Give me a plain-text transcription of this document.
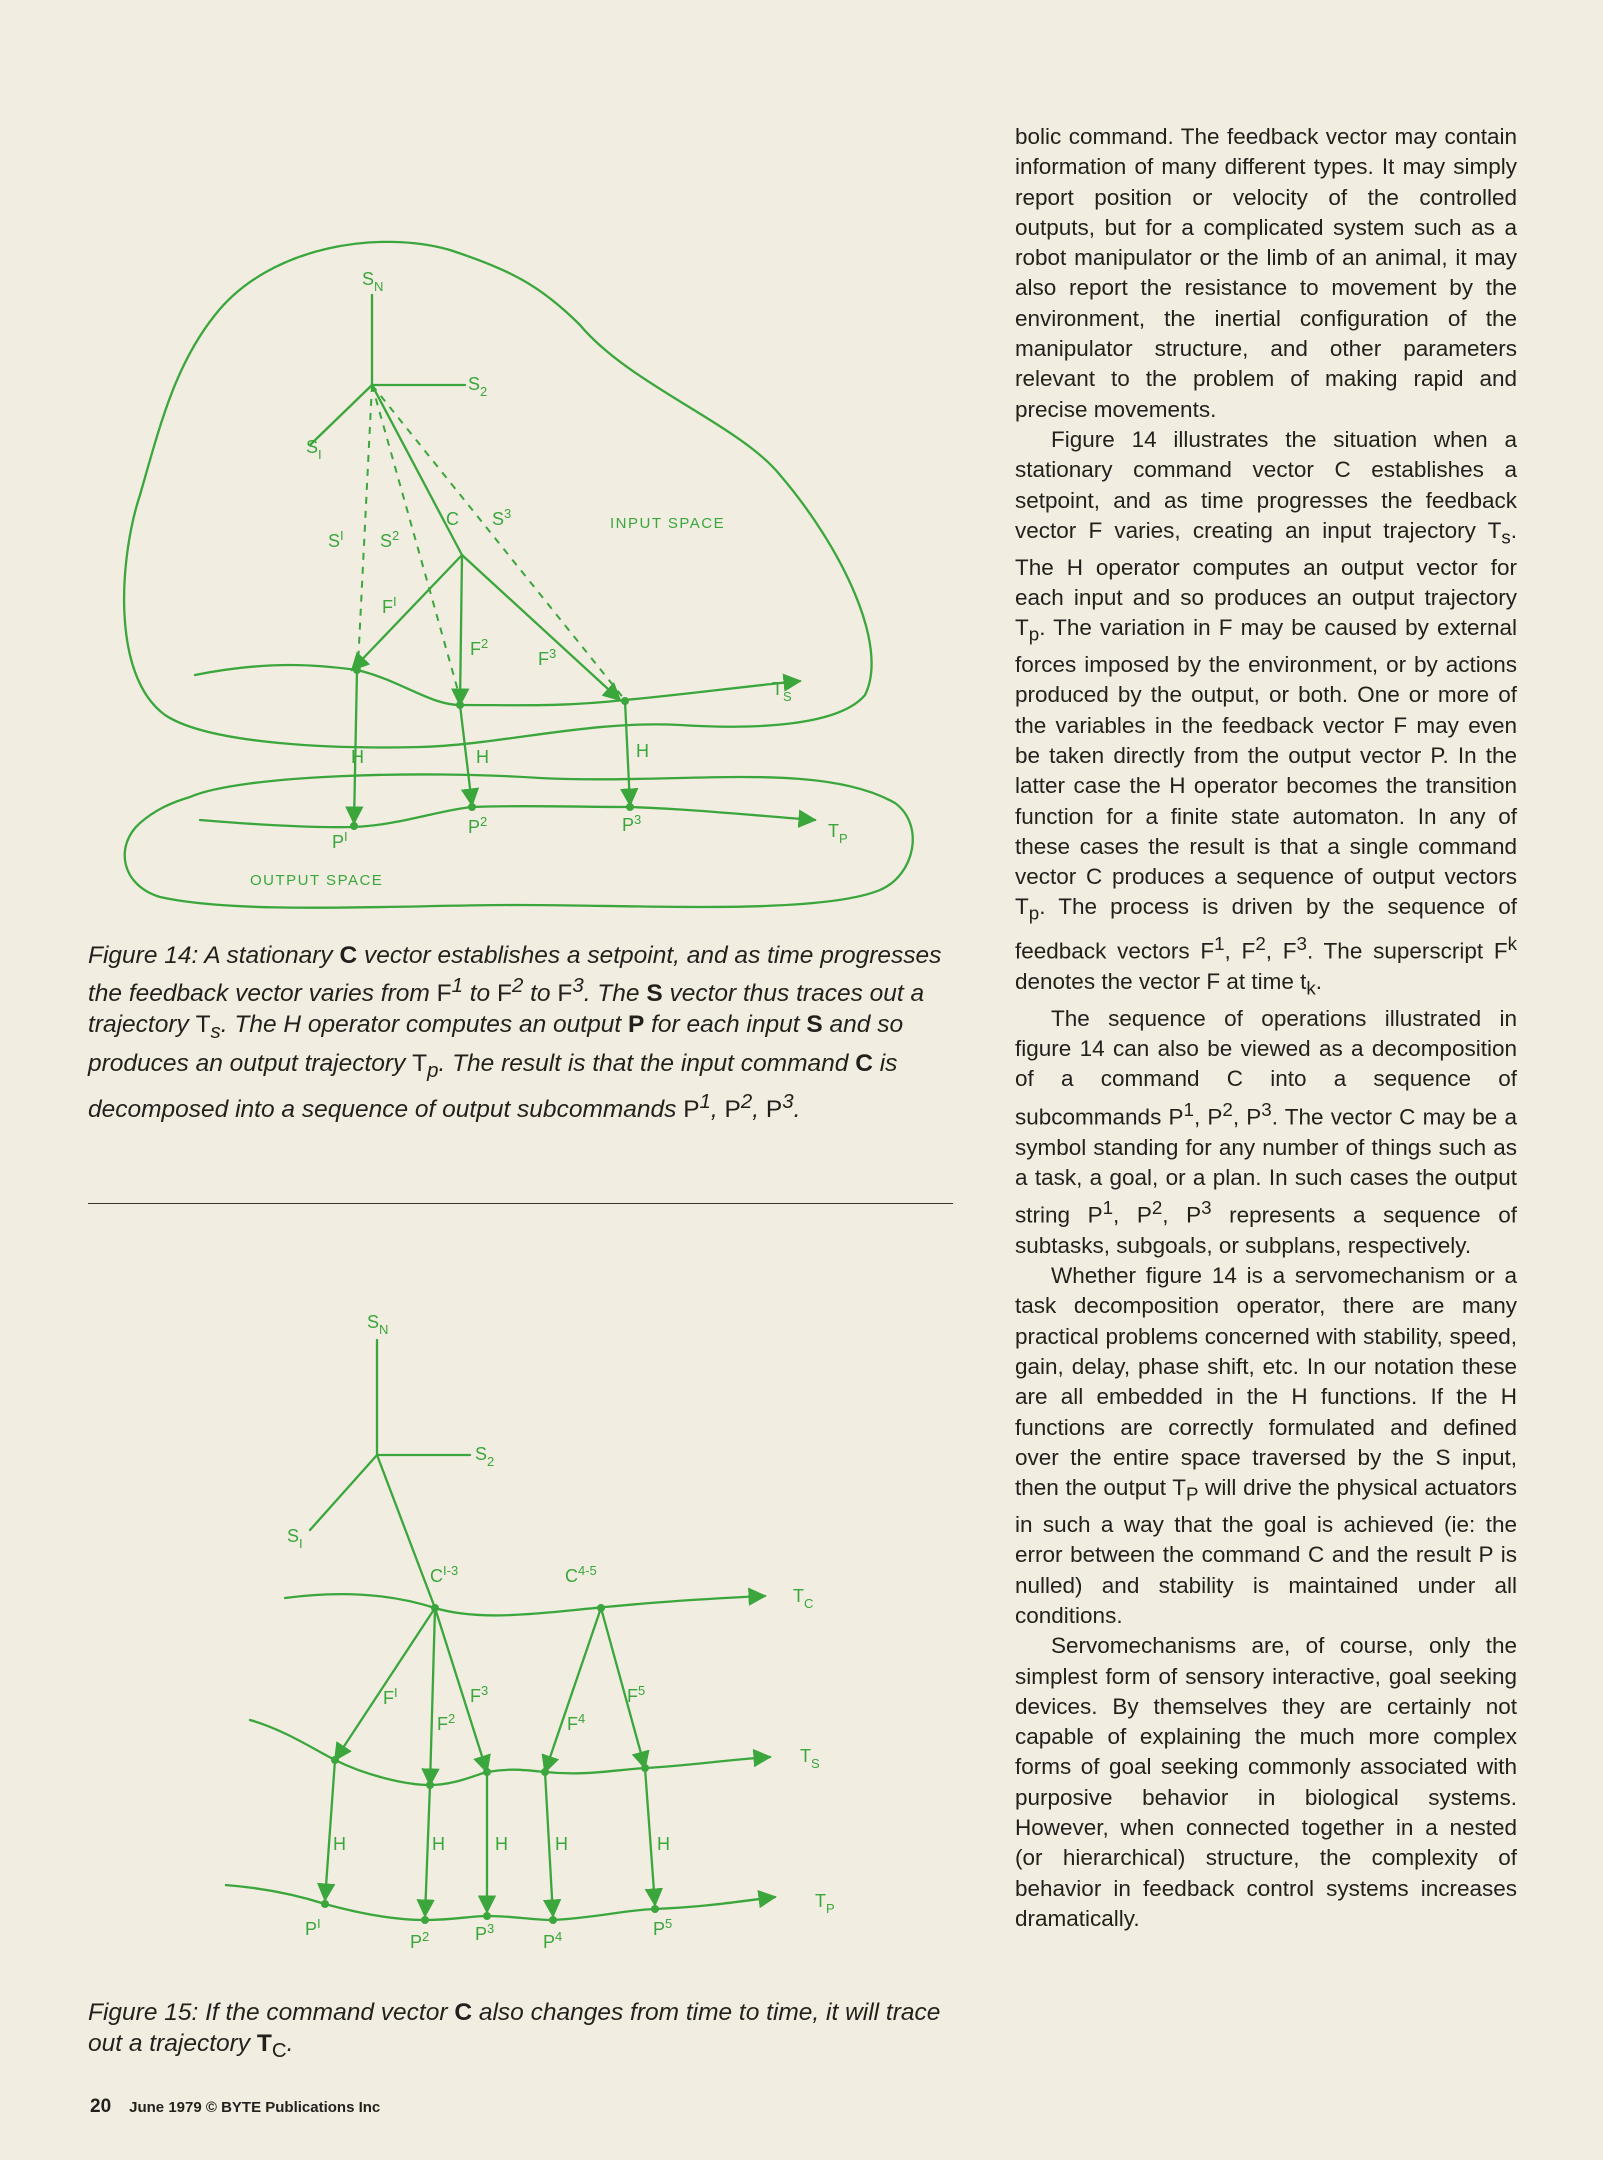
$S_N$
$S_2$
$S_I$
C $S^3$
INPUT SPACE
$S^I$ $S^2$
$F^I$
$F^2$
$F^3$
$T_S$
H	H	H
$P^I$	$P^2$	$P^3$
$T_P$
OUTPUT SPACE
Figure 14: A stationary C vector establishes a setpoint, and as time progresses the feedback vector varies from $F^1$ to $F^2$ to $F^3$. The S vector thus traces out a trajectory $T_s$. The H operator computes an output P for each input S and so produces an output trajectory $T_p$. The result is that the input command C is decomposed into a sequence of output subcommands $P^1$, $P^2$, $P^3$.
$S_N$
$S_2$
$S_I$
$C^{I-3}$	$C^{4-5}$
$T_C$
$F^I$
$F^2$
$F^3$
$F^4$
$F^5$
$T_S$
H	H	H	H	H
$T_P$
$P^I$
$P^2$	$P^3$
$P^4$	$P^5$
Figure 15: If the command vector C also changes from time to time, it will trace out a trajectory $T_C$.

bolic command. The feedback vector may contain information of many different types. It may simply report position or velocity of the controlled outputs, but for a complicated system such as a robot manipulator or the limb of an animal, it may also report the resistance to movement by the environment, the inertial configuration of the manipulator structure, and other parameters relevant to the problem of making rapid and precise movements.

Figure 14 illustrates the situation when a stationary command vector C establishes a setpoint, and as time progresses the feedback vector F varies, creating an input trajectory $T_s$. The H operator computes an output vector for each input and so produces an output trajectory $T_p$. The variation in F may be caused by external forces imposed by the environment, or by actions produced by the output, or both. One or more of the variables in the feedback vector F may even be taken directly from the output vector P. In the latter case the H operator becomes the transition function for a finite state automaton. In any of these cases the result is that a single command vector C produces a sequence of output vectors $T_p$. The process is driven by the sequence of feedback vectors $F^1$, $F^2$, $F^3$. The superscript $F^k$ denotes the vector F at time $t_k$.

The sequence of operations illustrated in figure 14 can also be viewed as a decomposition of a command C into a sequence of subcommands $P^1$, $P^2$, $P^3$. The vector C may be a symbol standing for any number of things such as a task, a goal, or a plan. In such cases the output string $P^1$, $P^2$, $P^3$ represents a sequence of subtasks, subgoals, or subplans, respectively.

Whether figure 14 is a servomechanism or a task decomposition operator, there are many practical problems concerned with stability, speed, gain, delay, phase shift, etc. In our notation these are all embedded in the H functions. If the H functions are correctly formulated and defined over the entire space traversed by the S input, then the output $T_P$ will drive the physical actuators in such a way that the goal is achieved (ie: the error between the command C and the result P is nulled) and stability is maintained under all conditions.

Servomechanisms are, of course, only the simplest form of sensory interactive, goal seeking devices. By themselves they are certainly not capable of explaining the much more complex forms of goal seeking commonly associated with purposive behavior in biological systems. However, when connected together in a nested (or hierarchical) structure, the complexity of behavior in feedback control systems increases dramatically.

20 June 1979 © BYTE Publications Inc
